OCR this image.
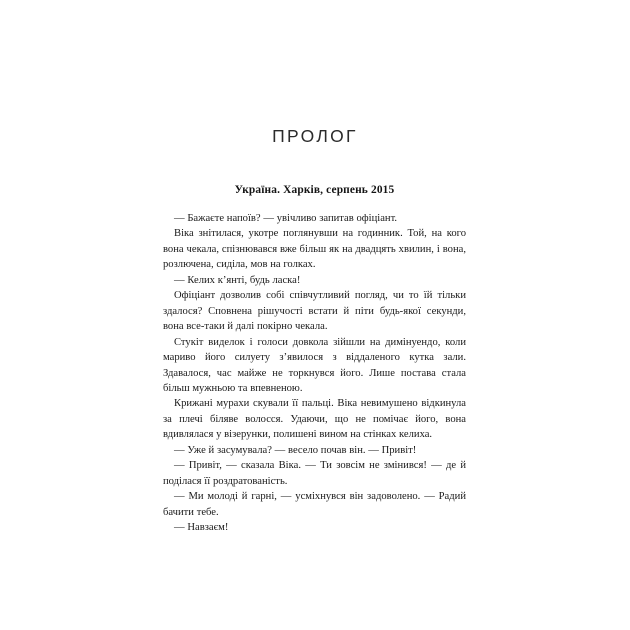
ПРОЛОГ
Україна. Харків, серпень 2015

— Бажаєте напоїв? — увічливо запитав офіціант.

Віка знітилася, укотре поглянувши на годинник. Той, на кого вона чекала, спізнювався вже більш як на двадцять хвилин, і вона, розлючена, сиділа, мов на голках.

— Келих к’янті, будь ласка!

Офіціант дозволив собі співчутливий погляд, чи то їй тільки здалося? Сповнена рішучості встати й піти будь-якої секунди, вона все-таки й далі покірно чекала.

Стукіт виделок і голоси довкола зійшли на димінуендо, коли мариво його силуету з’явилося з віддаленого кутка зали. Здавалося, час майже не торкнувся його. Лише постава стала більш мужньою та впевненою.

Крижані мурахи скували її пальці. Віка невимушено відкинула за плечі біляве волосся. Удаючи, що не помічає його, вона вдивлялася у візерунки, полишені вином на стінках келиха.

— Уже й засумувала? — весело почав він. — Привіт!

— Привіт, — сказала Віка. — Ти зовсім не змінився! — де й поділася її роздратованість.

— Ми молоді й гарні, — усміхнувся він задоволено. — Радий бачити тебе.

— Навзаєм!
